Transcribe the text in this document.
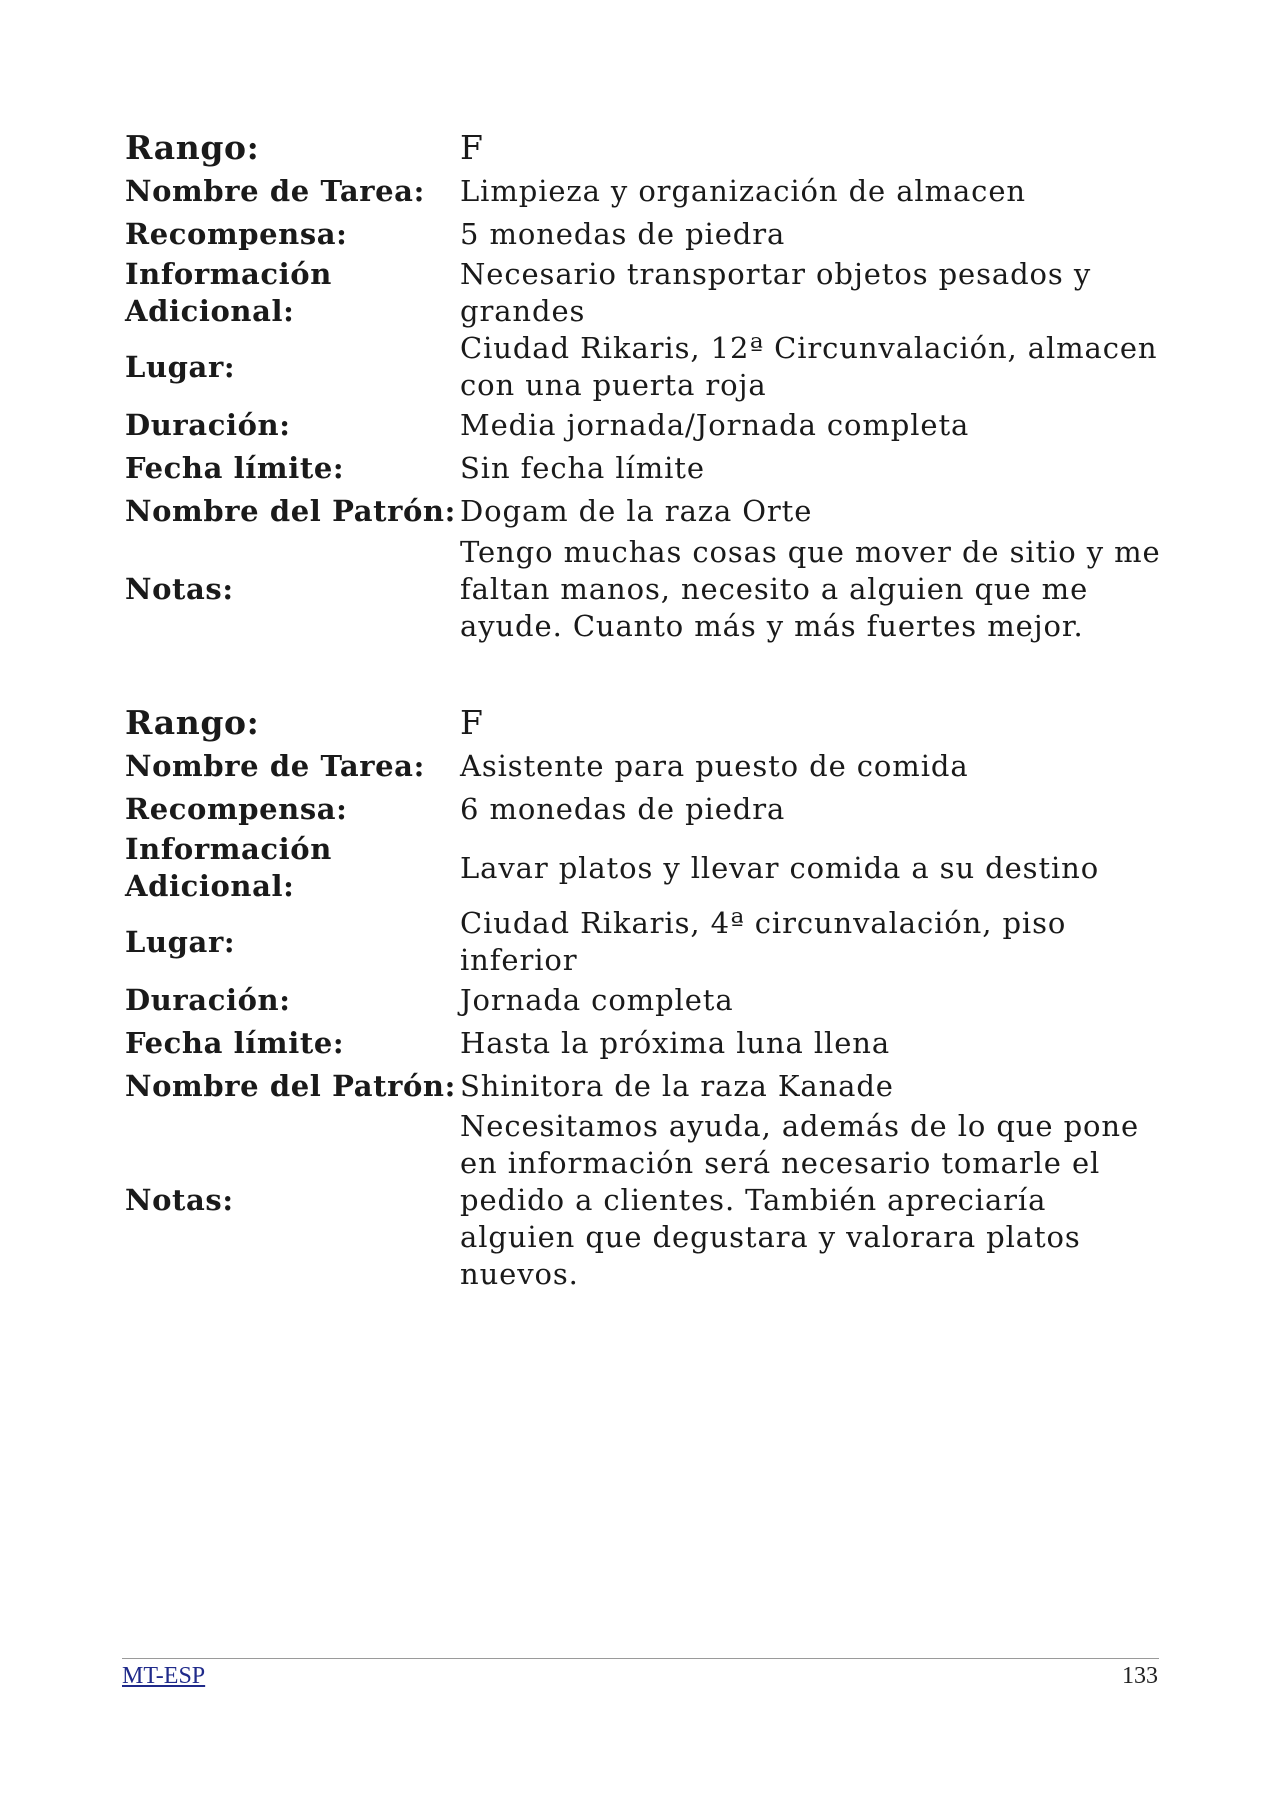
Rango:	F
Nombre de Tarea:	Limpieza y organización de almacen
Recompensa:	5 monedas de piedra
Información Adicional:	Necesario transportar objetos pesados y grandes
Lugar:	Ciudad Rikaris, 12ª Circunvalación, almacen con una puerta roja
Duración:	Media jornada/Jornada completa
Fecha límite:	Sin fecha límite
Nombre del Patrón:	Dogam de la raza Orte
Notas:	Tengo muchas cosas que mover de sitio y me faltan manos, necesito a alguien que me ayude. Cuanto más y más fuertes mejor.
Rango:	F
Nombre de Tarea:	Asistente para puesto de comida
Recompensa:	6 monedas de piedra
Información Adicional:	Lavar platos y llevar comida a su destino
Lugar:	Ciudad Rikaris, 4ª circunvalación, piso inferior
Duración:	Jornada completa
Fecha límite:	Hasta la próxima luna llena
Nombre del Patrón:	Shinitora de la raza Kanade
Notas:	Necesitamos ayuda, además de lo que pone en información será necesario tomarle el pedido a clientes. También apreciaría alguien que degustara y valorara platos nuevos.
MT-ESP	133
